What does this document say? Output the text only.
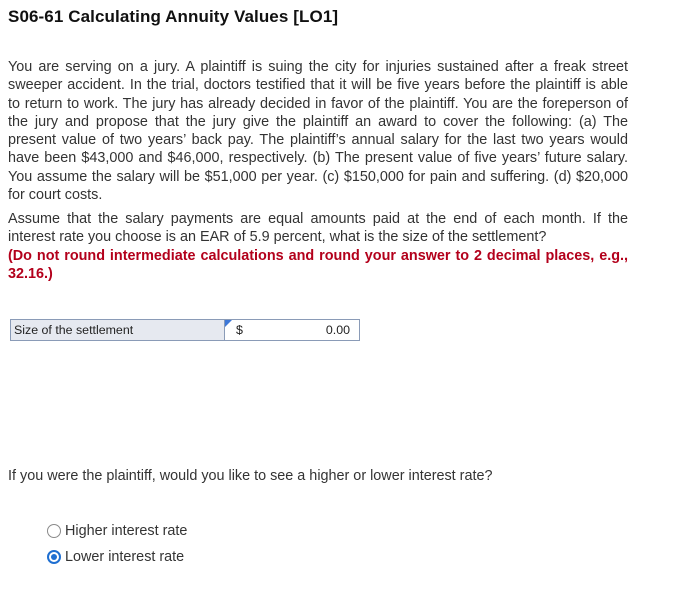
S06-61 Calculating Annuity Values [LO1]

You are serving on a jury. A plaintiff is suing the city for injuries sustained after a freak street sweeper accident. In the trial, doctors testified that it will be five years before the plaintiff is able to return to work. The jury has already decided in favor of the plaintiff. You are the foreperson of the jury and propose that the jury give the plaintiff an award to cover the following: (a) The present value of two years’ back pay. The plaintiff’s annual salary for the last two years would have been $43,000 and $46,000, respectively. (b) The present value of five years’ future salary. You assume the salary will be $51,000 per year. (c) $150,000 for pain and suffering. (d) $20,000 for court costs.

Assume that the salary payments are equal amounts paid at the end of each month. If the interest rate you choose is an EAR of 5.9 percent, what is the size of the settlement?
(Do not round intermediate calculations and round your answer to 2 decimal places, e.g., 32.16.)

Size of the settlement	$
0.00
If you were the plaintiff, would you like to see a higher or lower interest rate?
Higher interest rate
Lower interest rate
